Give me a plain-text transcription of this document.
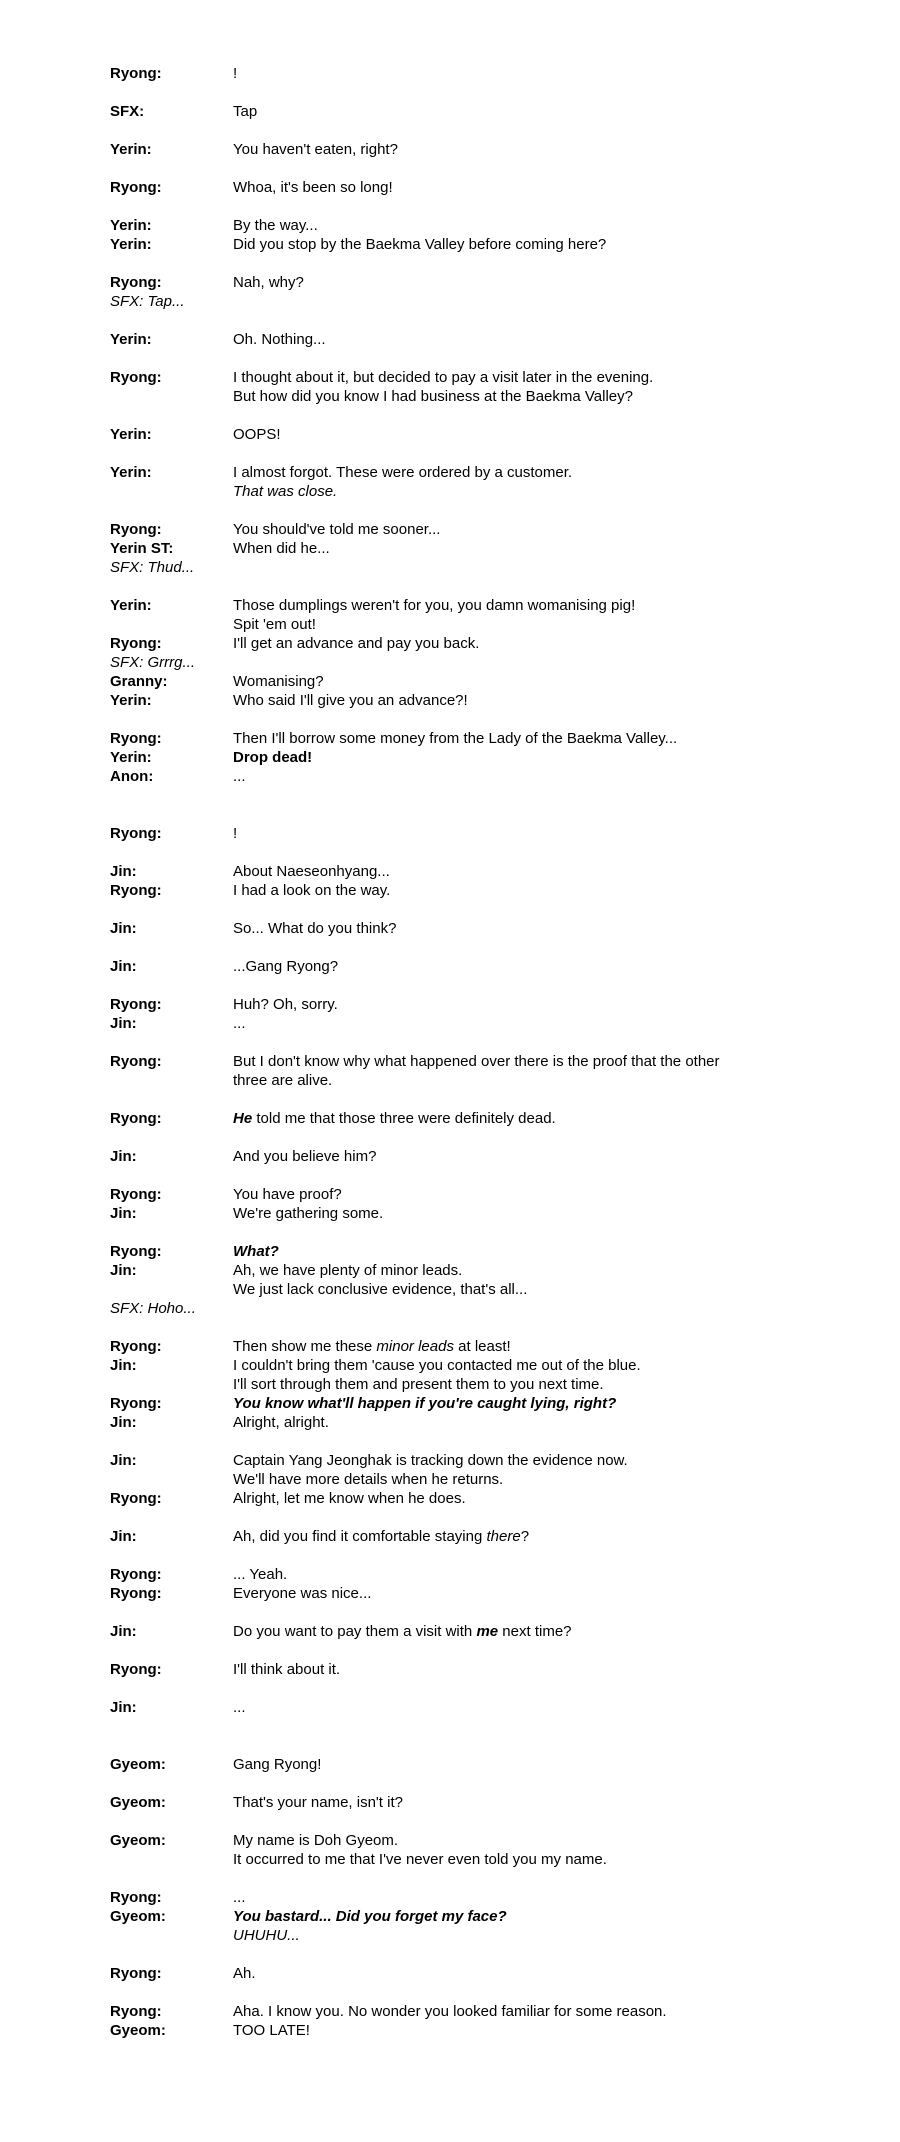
Ryong:	!
SFX:	Tap
Yerin:	You haven't eaten, right?
Ryong:	Whoa, it's been so long!
Yerin:	By the way...
Yerin:	Did you stop by the Baekma Valley before coming here?
Ryong:	Nah, why?
SFX: Tap...
Yerin:	Oh. Nothing...
Ryong:	I thought about it, but decided to pay a visit later in the evening.
But how did you know I had business at the Baekma Valley?
Yerin:	OOPS!
Yerin:	I almost forgot. These were ordered by a customer.
That was close.
Ryong:	You should've told me sooner...
Yerin ST:	When did he...
SFX: Thud...
Yerin:	Those dumplings weren't for you, you damn womanising pig!
Spit 'em out!
Ryong:	I'll get an advance and pay you back.
SFX: Grrrg...
Granny:	Womanising?
Yerin:	Who said I'll give you an advance?!
Ryong:	Then I'll borrow some money from the Lady of the Baekma Valley...
Yerin:	Drop dead!
Anon:	...
Ryong:	!
Jin:	About Naeseonhyang...
Ryong:	I had a look on the way.
Jin:	So... What do you think?
Jin:	...Gang Ryong?
Ryong:	Huh? Oh, sorry.
Jin:	...
Ryong:	But I don't know why what happened over there is the proof that the other
three are alive.
Ryong:	He told me that those three were definitely dead.
Jin:	And you believe him?
Ryong:	You have proof?
Jin:	We're gathering some.
Ryong:	What?
Jin:	Ah, we have plenty of minor leads.
We just lack conclusive evidence, that's all...
SFX: Hoho...
Ryong:	Then show me these minor leads at least!
Jin:	I couldn't bring them 'cause you contacted me out of the blue.
I'll sort through them and present them to you next time.
Ryong:	You know what'll happen if you're caught lying, right?
Jin:	Alright, alright.
Jin:	Captain Yang Jeonghak is tracking down the evidence now.
We'll have more details when he returns.
Ryong:	Alright, let me know when he does.
Jin:	Ah, did you find it comfortable staying there?
Ryong:	... Yeah.
Ryong:	Everyone was nice...
Jin:	Do you want to pay them a visit with me next time?
Ryong:	I'll think about it.
Jin:	...
Gyeom:	Gang Ryong!
Gyeom:	That's your name, isn't it?
Gyeom:	My name is Doh Gyeom.
It occurred to me that I've never even told you my name.
Ryong:	...
Gyeom:	You bastard... Did you forget my face?
UHUHU...
Ryong:	Ah.
Ryong:	Aha. I know you. No wonder you looked familiar for some reason.
Gyeom:	TOO LATE!
